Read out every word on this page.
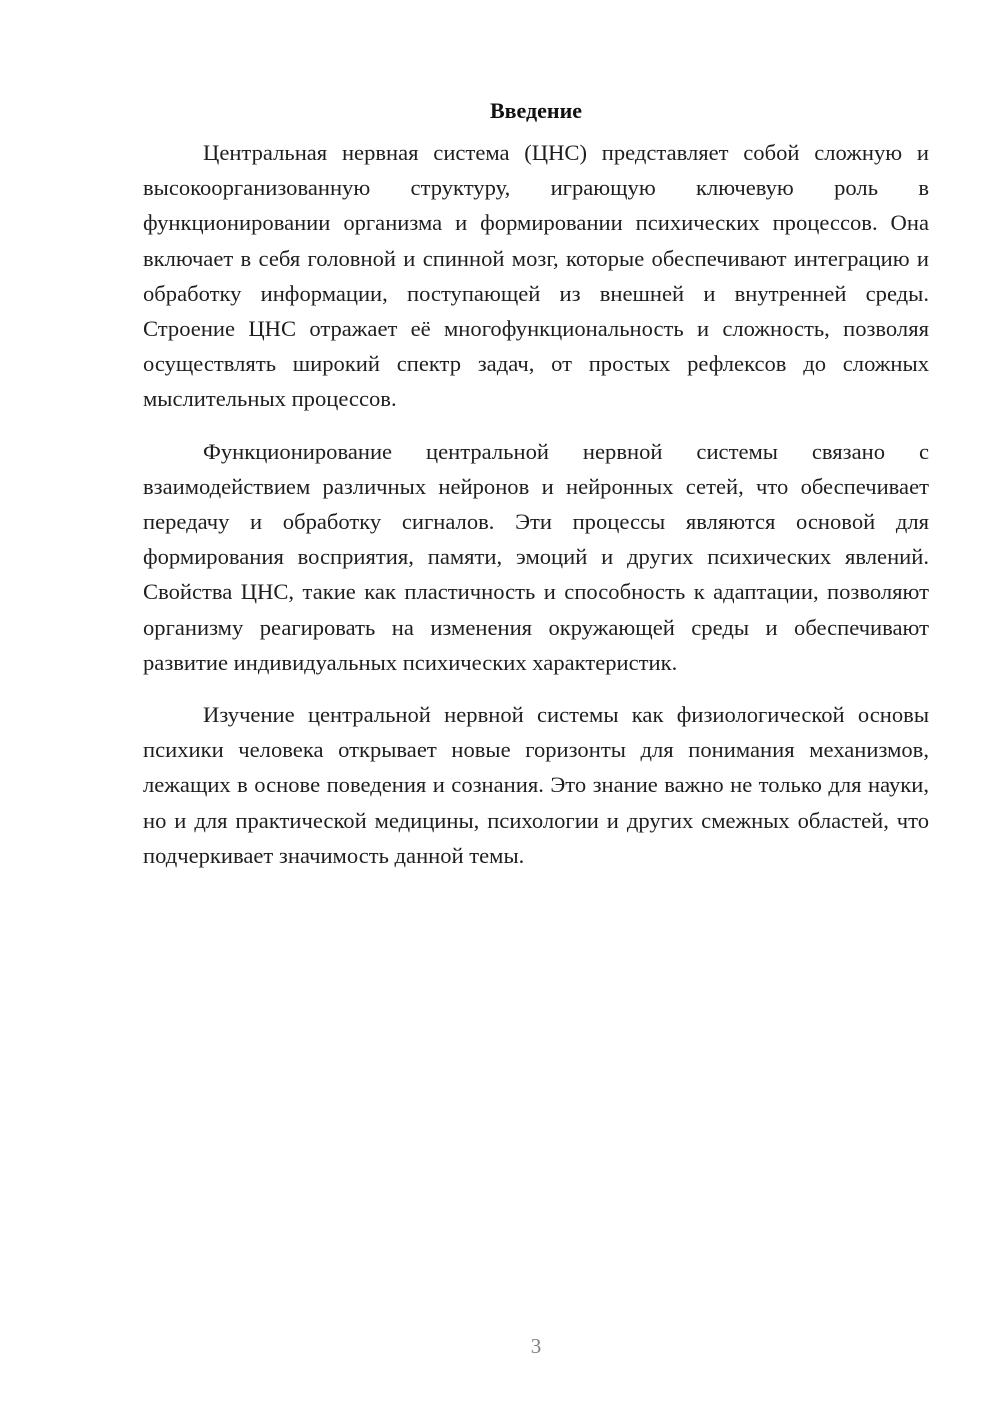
Введение

Центральная нервная система (ЦНС) представляет собой сложную и высокоорганизованную структуру, играющую ключевую роль в функционировании организма и формировании психических процессов. Она включает в себя головной и спинной мозг, которые обеспечивают интеграцию и обработку информации, поступающей из внешней и внутренней среды. Строение ЦНС отражает её многофункциональность и сложность, позволяя осуществлять широкий спектр задач, от простых рефлексов до сложных мыслительных процессов.

Функционирование центральной нервной системы связано с взаимодействием различных нейронов и нейронных сетей, что обеспечивает передачу и обработку сигналов. Эти процессы являются основой для формирования восприятия, памяти, эмоций и других психических явлений. Свойства ЦНС, такие как пластичность и способность к адаптации, позволяют организму реагировать на изменения окружающей среды и обеспечивают развитие индивидуальных психических характеристик.

Изучение центральной нервной системы как физиологической основы психики человека открывает новые горизонты для понимания механизмов, лежащих в основе поведения и сознания. Это знание важно не только для науки, но и для практической медицины, психологии и других смежных областей, что подчеркивает значимость данной темы.

3
